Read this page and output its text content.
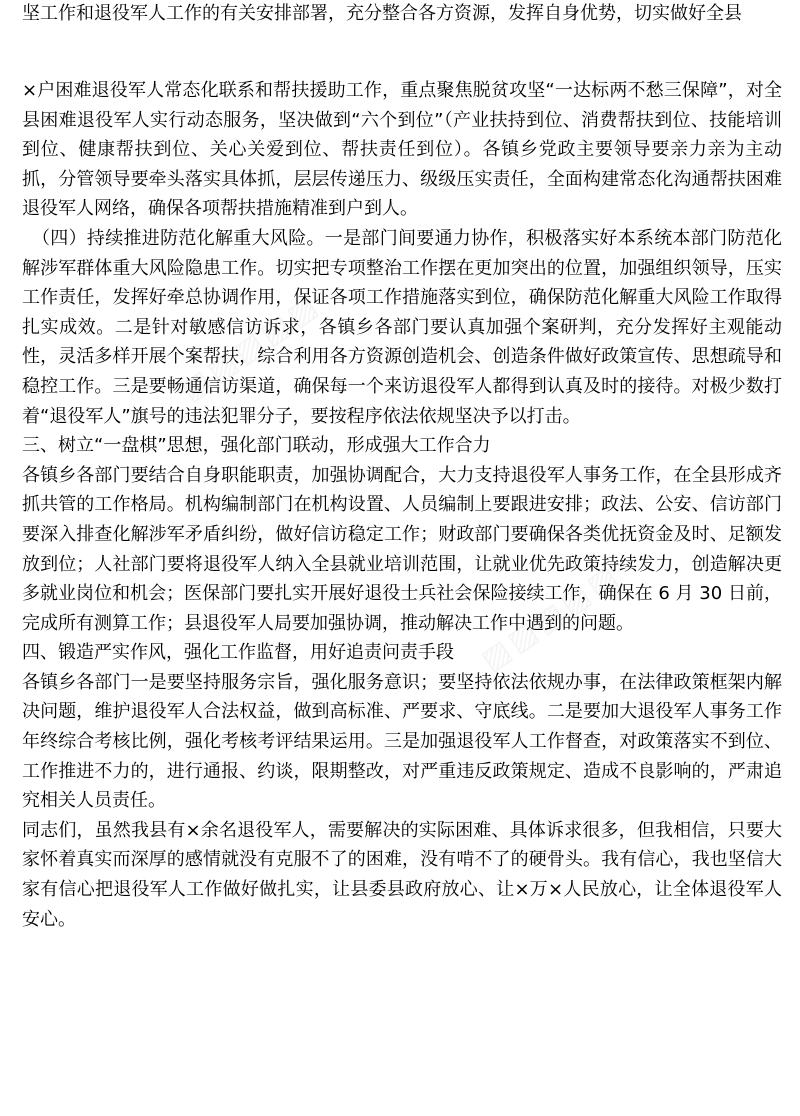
坚工作和退役军人工作的有关安排部署，充分整合各方资源，发挥自身优势，切实做好全县

×户困难退役军人常态化联系和帮扶援助工作，重点聚焦脱贫攻坚“一达标两不愁三保障”，对全县困难退役军人实行动态服务，坚决做到“六个到位”（产业扶持到位、消费帮扶到位、技能培训到位、健康帮扶到位、关心关爱到位、帮扶责任到位）。各镇乡党政主要领导要亲力亲为主动抓，分管领导要牵头落实具体抓，层层传递压力、级级压实责任，全面构建常态化沟通帮扶困难退役军人网络，确保各项帮扶措施精准到户到人。

（四）持续推进防范化解重大风险。一是部门间要通力协作，积极落实好本系统本部门防范化解涉军群体重大风险隐患工作。切实把专项整治工作摆在更加突出的位置，加强组织领导，压实工作责任，发挥好牵总协调作用，保证各项工作措施落实到位，确保防范化解重大风险工作取得扎实成效。二是针对敏感信访诉求，各镇乡各部门要认真加强个案研判，充分发挥好主观能动性，灵活多样开展个案帮扶，综合利用各方资源创造机会、创造条件做好政策宣传、思想疏导和稳控工作。三是要畅通信访渠道，确保每一个来访退役军人都得到认真及时的接待。对极少数打着“退役军人”旗号的违法犯罪分子，要按程序依法依规坚决予以打击。

三、树立“一盘棋”思想，强化部门联动，形成强大工作合力

各镇乡各部门要结合自身职能职责，加强协调配合，大力支持退役军人事务工作，在全县形成齐抓共管的工作格局。机构编制部门在机构设置、人员编制上要跟进安排；政法、公安、信访部门要深入排查化解涉军矛盾纠纷，做好信访稳定工作；财政部门要确保各类优抚资金及时、足额发放到位；人社部门要将退役军人纳入全县就业培训范围，让就业优先政策持续发力，创造解决更多就业岗位和机会；医保部门要扎实开展好退役士兵社会保险接续工作，确保在 6 月 30 日前，完成所有测算工作；县退役军人局要加强协调，推动解决工作中遇到的问题。

四、锻造严实作风，强化工作监督，用好追责问责手段

各镇乡各部门一是要坚持服务宗旨，强化服务意识；要坚持依法依规办事，在法律政策框架内解决问题，维护退役军人合法权益，做到高标准、严要求、守底线。二是要加大退役军人事务工作年终综合考核比例，强化考核考评结果运用。三是加强退役军人工作督查，对政策落实不到位、工作推进不力的，进行通报、约谈，限期整改，对严重违反政策规定、造成不良影响的，严肃追究相关人员责任。

同志们，虽然我县有×余名退役军人，需要解决的实际困难、具体诉求很多，但我相信，只要大家怀着真实而深厚的感情就没有克服不了的困难，没有啃不了的硬骨头。我有信心，我也坚信大家有信心把退役军人工作做好做扎实，让县委县政府放心、让×万×人民放心，让全体退役军人安心。
